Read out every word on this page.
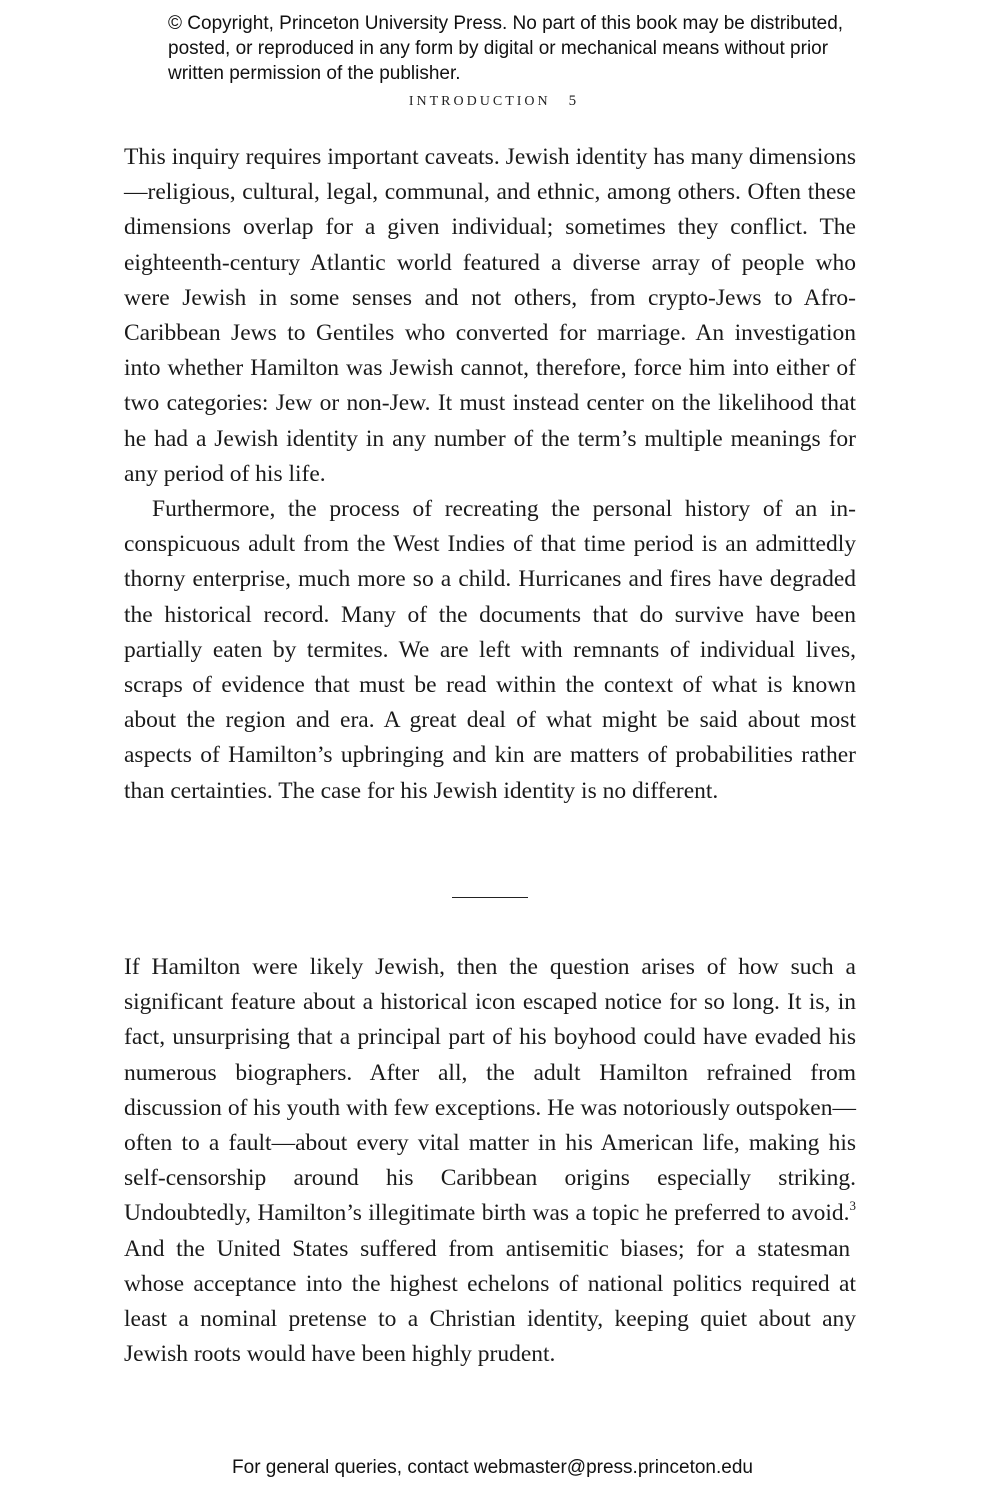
© Copyright, Princeton University Press. No part of this book may be distributed, posted, or reproduced in any form by digital or mechanical means without prior written permission of the publisher.
INTRODUCTION 5

This inquiry requires important caveats. Jewish identity has many dimensions—religious, cultural, legal, communal, and ethnic, among others. Often these dimensions overlap for a given individual; sometimes they conflict. The eighteenth-century Atlantic world featured a diverse array of people who were Jewish in some senses and not others, from crypto-Jews to Afro-Caribbean Jews to Gentiles who converted for marriage. An investigation into whether Hamilton was Jewish cannot, therefore, force him into either of two categories: Jew or non-Jew. It must instead center on the likelihood that he had a Jewish identity in any number of the term’s multiple meanings for any period of his life.

Furthermore, the process of recreating the personal history of an inconspicuous adult from the West Indies of that time period is an admittedly thorny enterprise, much more so a child. Hurricanes and fires have degraded the historical record. Many of the documents that do survive have been partially eaten by termites. We are left with remnants of individual lives, scraps of evidence that must be read within the context of what is known about the region and era. A great deal of what might be said about most aspects of Hamilton’s upbringing and kin are matters of probabilities rather than certainties. The case for his Jewish identity is no different.

If Hamilton were likely Jewish, then the question arises of how such a significant feature about a historical icon escaped notice for so long. It is, in fact, unsurprising that a principal part of his boyhood could have evaded his numerous biographers. After all, the adult Hamilton refrained from discussion of his youth with few exceptions. He was notoriously outspoken—often to a fault—about every vital matter in his American life, making his self-censorship around his Caribbean origins especially striking. Undoubtedly, Hamilton’s illegitimate birth was a topic he preferred to avoid.$^3$ And the United States suffered from antisemitic biases; for a statesman whose acceptance into the highest echelons of national politics required at least a nominal pretense to a Christian identity, keeping quiet about any Jewish roots would have been highly prudent.

For general queries, contact webmaster@press.princeton.edu
